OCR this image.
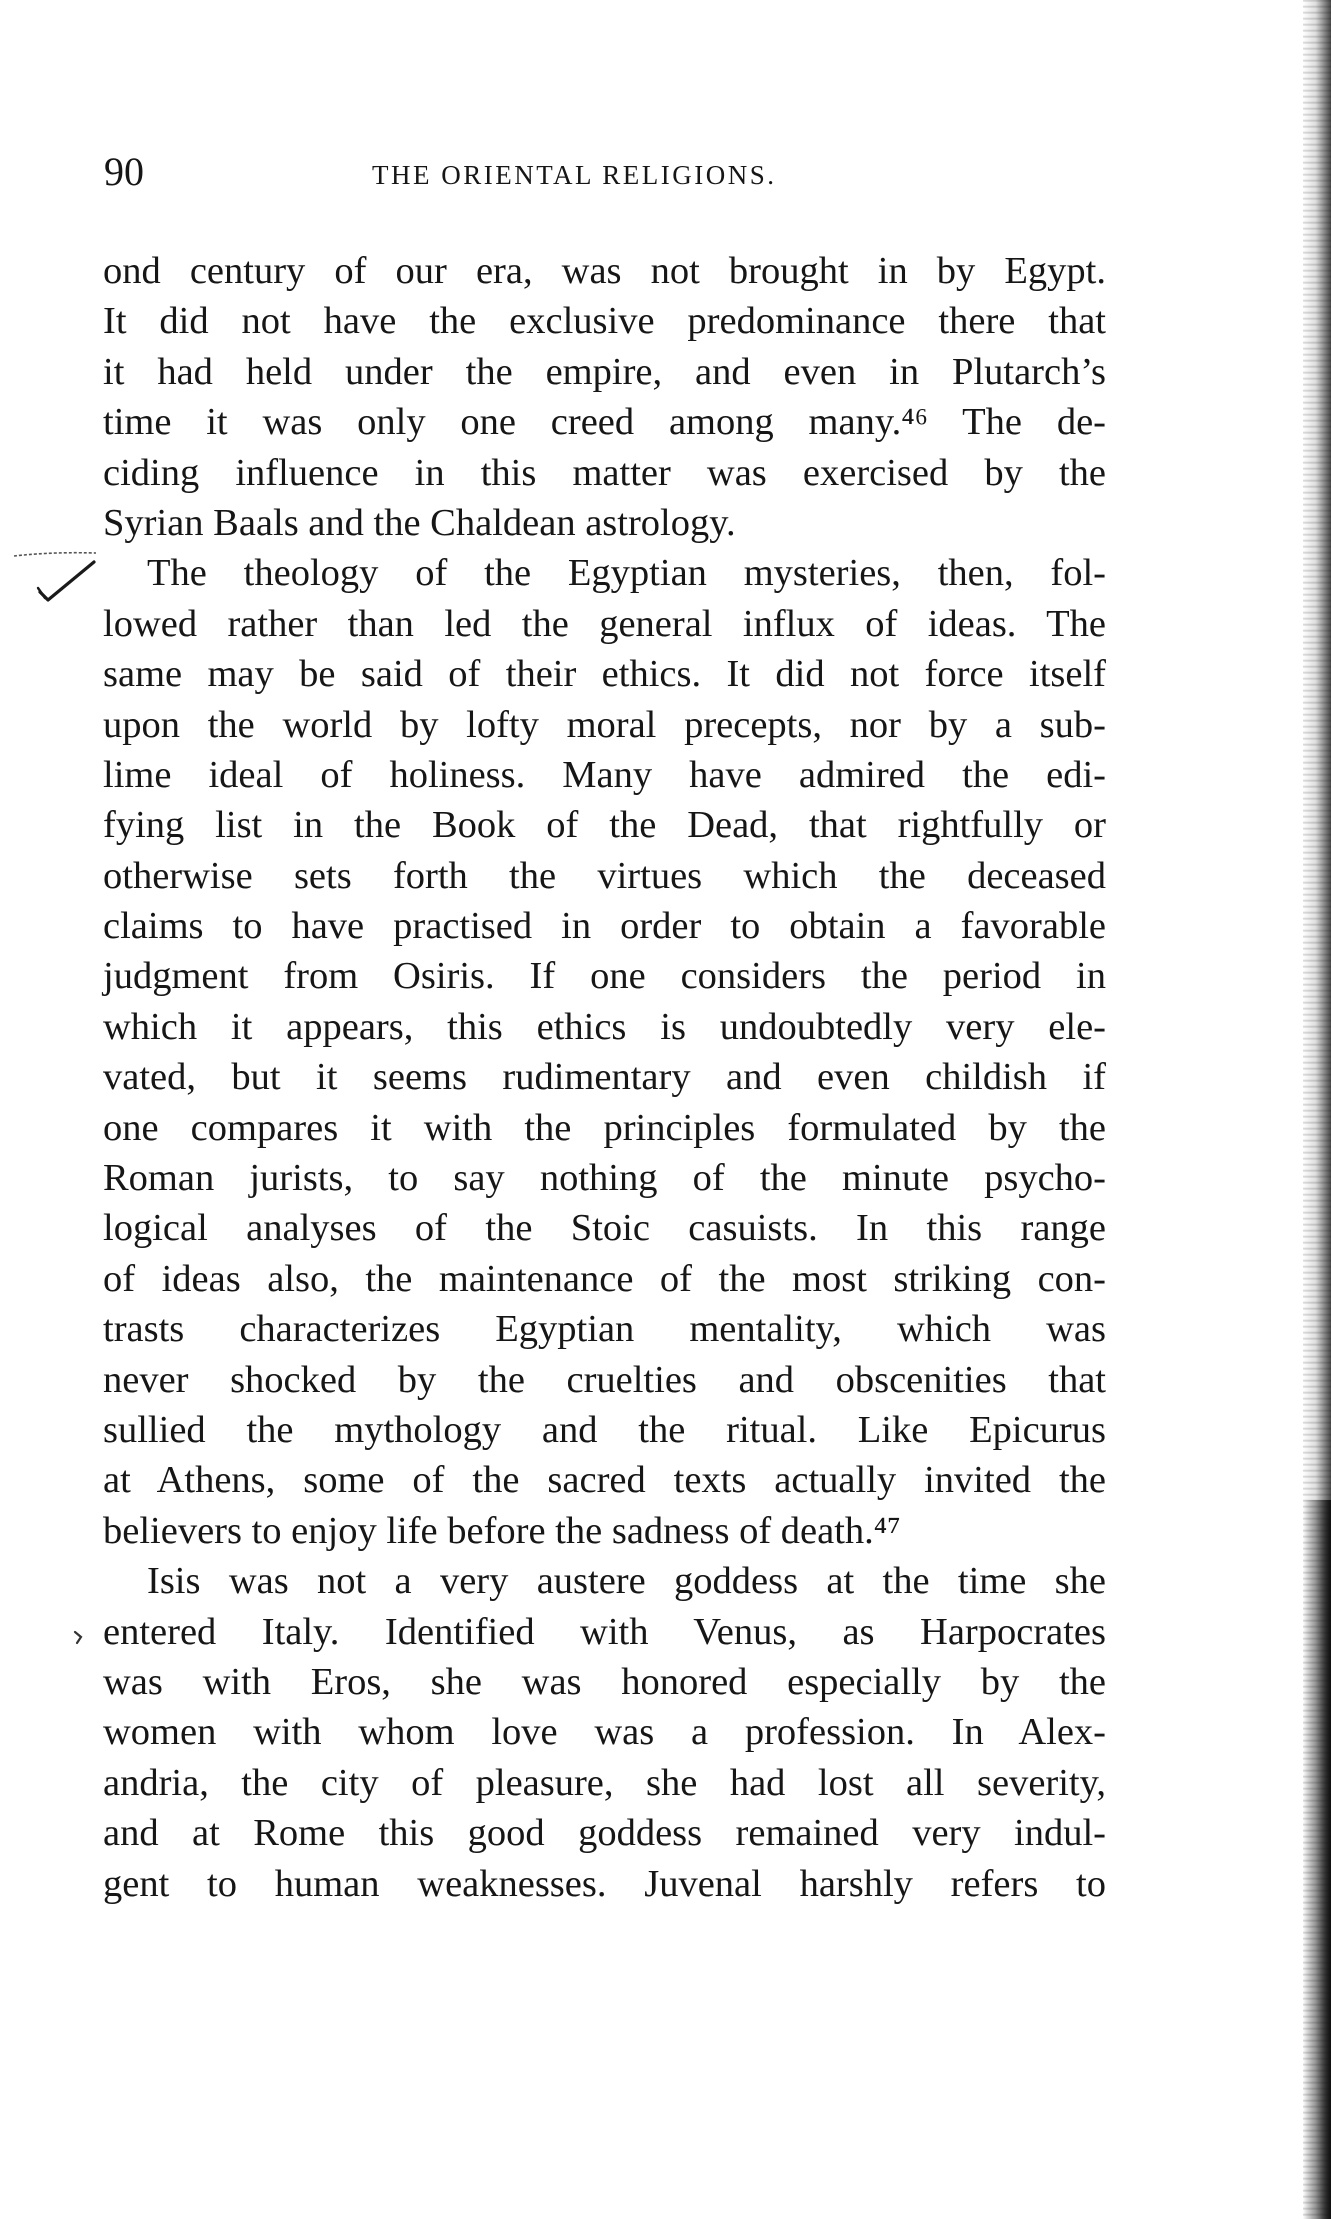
90	THE ORIENTAL RELIGIONS.
ond century of our era, was not brought in by Egypt.
It did not have the exclusive predominance there that
it had held under the empire, and even in Plutarch’s
time it was only one creed among many.⁴⁶ The de-
ciding influence in this matter was exercised by the
Syrian Baals and the Chaldean astrology.
The theology of the Egyptian mysteries, then, fol-
lowed rather than led the general influx of ideas. The
same may be said of their ethics. It did not force itself
upon the world by lofty moral precepts, nor by a sub-
lime ideal of holiness. Many have admired the edi-
fying list in the Book of the Dead, that rightfully or
otherwise sets forth the virtues which the deceased
claims to have practised in order to obtain a favorable
judgment from Osiris. If one considers the period in
which it appears, this ethics is undoubtedly very ele-
vated, but it seems rudimentary and even childish if
one compares it with the principles formulated by the
Roman jurists, to say nothing of the minute psycho-
logical analyses of the Stoic casuists. In this range
of ideas also, the maintenance of the most striking con-
trasts characterizes Egyptian mentality, which was
never shocked by the cruelties and obscenities that
sullied the mythology and the ritual. Like Epicurus
at Athens, some of the sacred texts actually invited the
believers to enjoy life before the sadness of death.⁴⁷
Isis was not a very austere goddess at the time she
entered Italy. Identified with Venus, as Harpocrates
was with Eros, she was honored especially by the
women with whom love was a profession. In Alex-
andria, the city of pleasure, she had lost all severity,
and at Rome this good goddess remained very indul-
gent to human weaknesses. Juvenal harshly refers to
